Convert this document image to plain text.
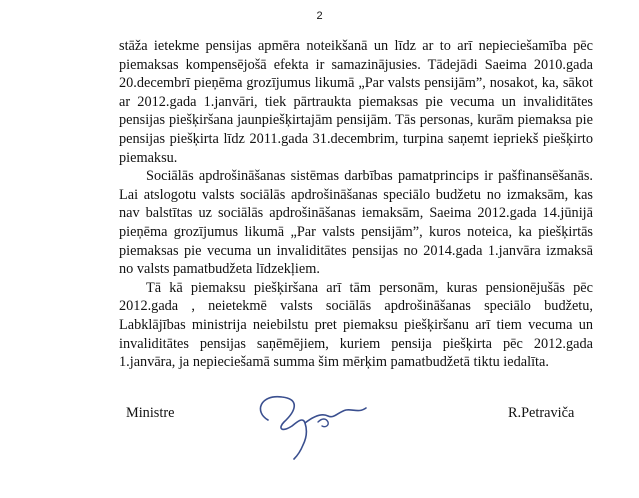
2

stāža ietekme pensijas apmēra noteikšanā un līdz ar to arī nepieciešamība pēc piemaksas kompensējošā efekta ir samazinājusies. Tādejādi Saeima 2010.gada 20.decembrī pieņēma grozījumus likumā „Par valsts pensijām”, nosakot, ka, sākot ar 2012.gada 1.janvāri, tiek pārtraukta piemaksas pie vecuma un invaliditātes pensijas piešķiršana jaunpiešķirtajām pensijām. Tās personas, kurām piemaksa pie pensijas piešķirta līdz 2011.gada 31.decembrim, turpina saņemt iepriekš piešķirto piemaksu.

Sociālās apdrošināšanas sistēmas darbības pamatprincips ir pašfinansēšanās. Lai atslogotu valsts sociālās apdrošināšanas speciālo budžetu no izmaksām, kas nav balstītas uz sociālās apdrošināšanas iemaksām, Saeima 2012.gada 14.jūnijā pieņēma grozījumus likumā „Par valsts pensijām”, kuros noteica, ka piešķirtās piemaksas pie vecuma un invaliditātes pensijas no 2014.gada 1.janvāra izmaksā no valsts pamatbudžeta līdzekļiem.

Tā kā piemaksu piešķiršana arī tām personām, kuras pensionējušās pēc 2012.gada , neietekmē valsts sociālās apdrošināšanas speciālo budžetu, Labklājības ministrija neiebilstu pret piemaksu piešķiršanu arī tiem vecuma un invaliditātes pensijas saņēmējiem, kuriem pensija piešķirta pēc 2012.gada 1.janvāra, ja nepieciešamā summa šim mērķim pamatbudžetā tiktu iedalīta.

Ministre	R.Petraviča
